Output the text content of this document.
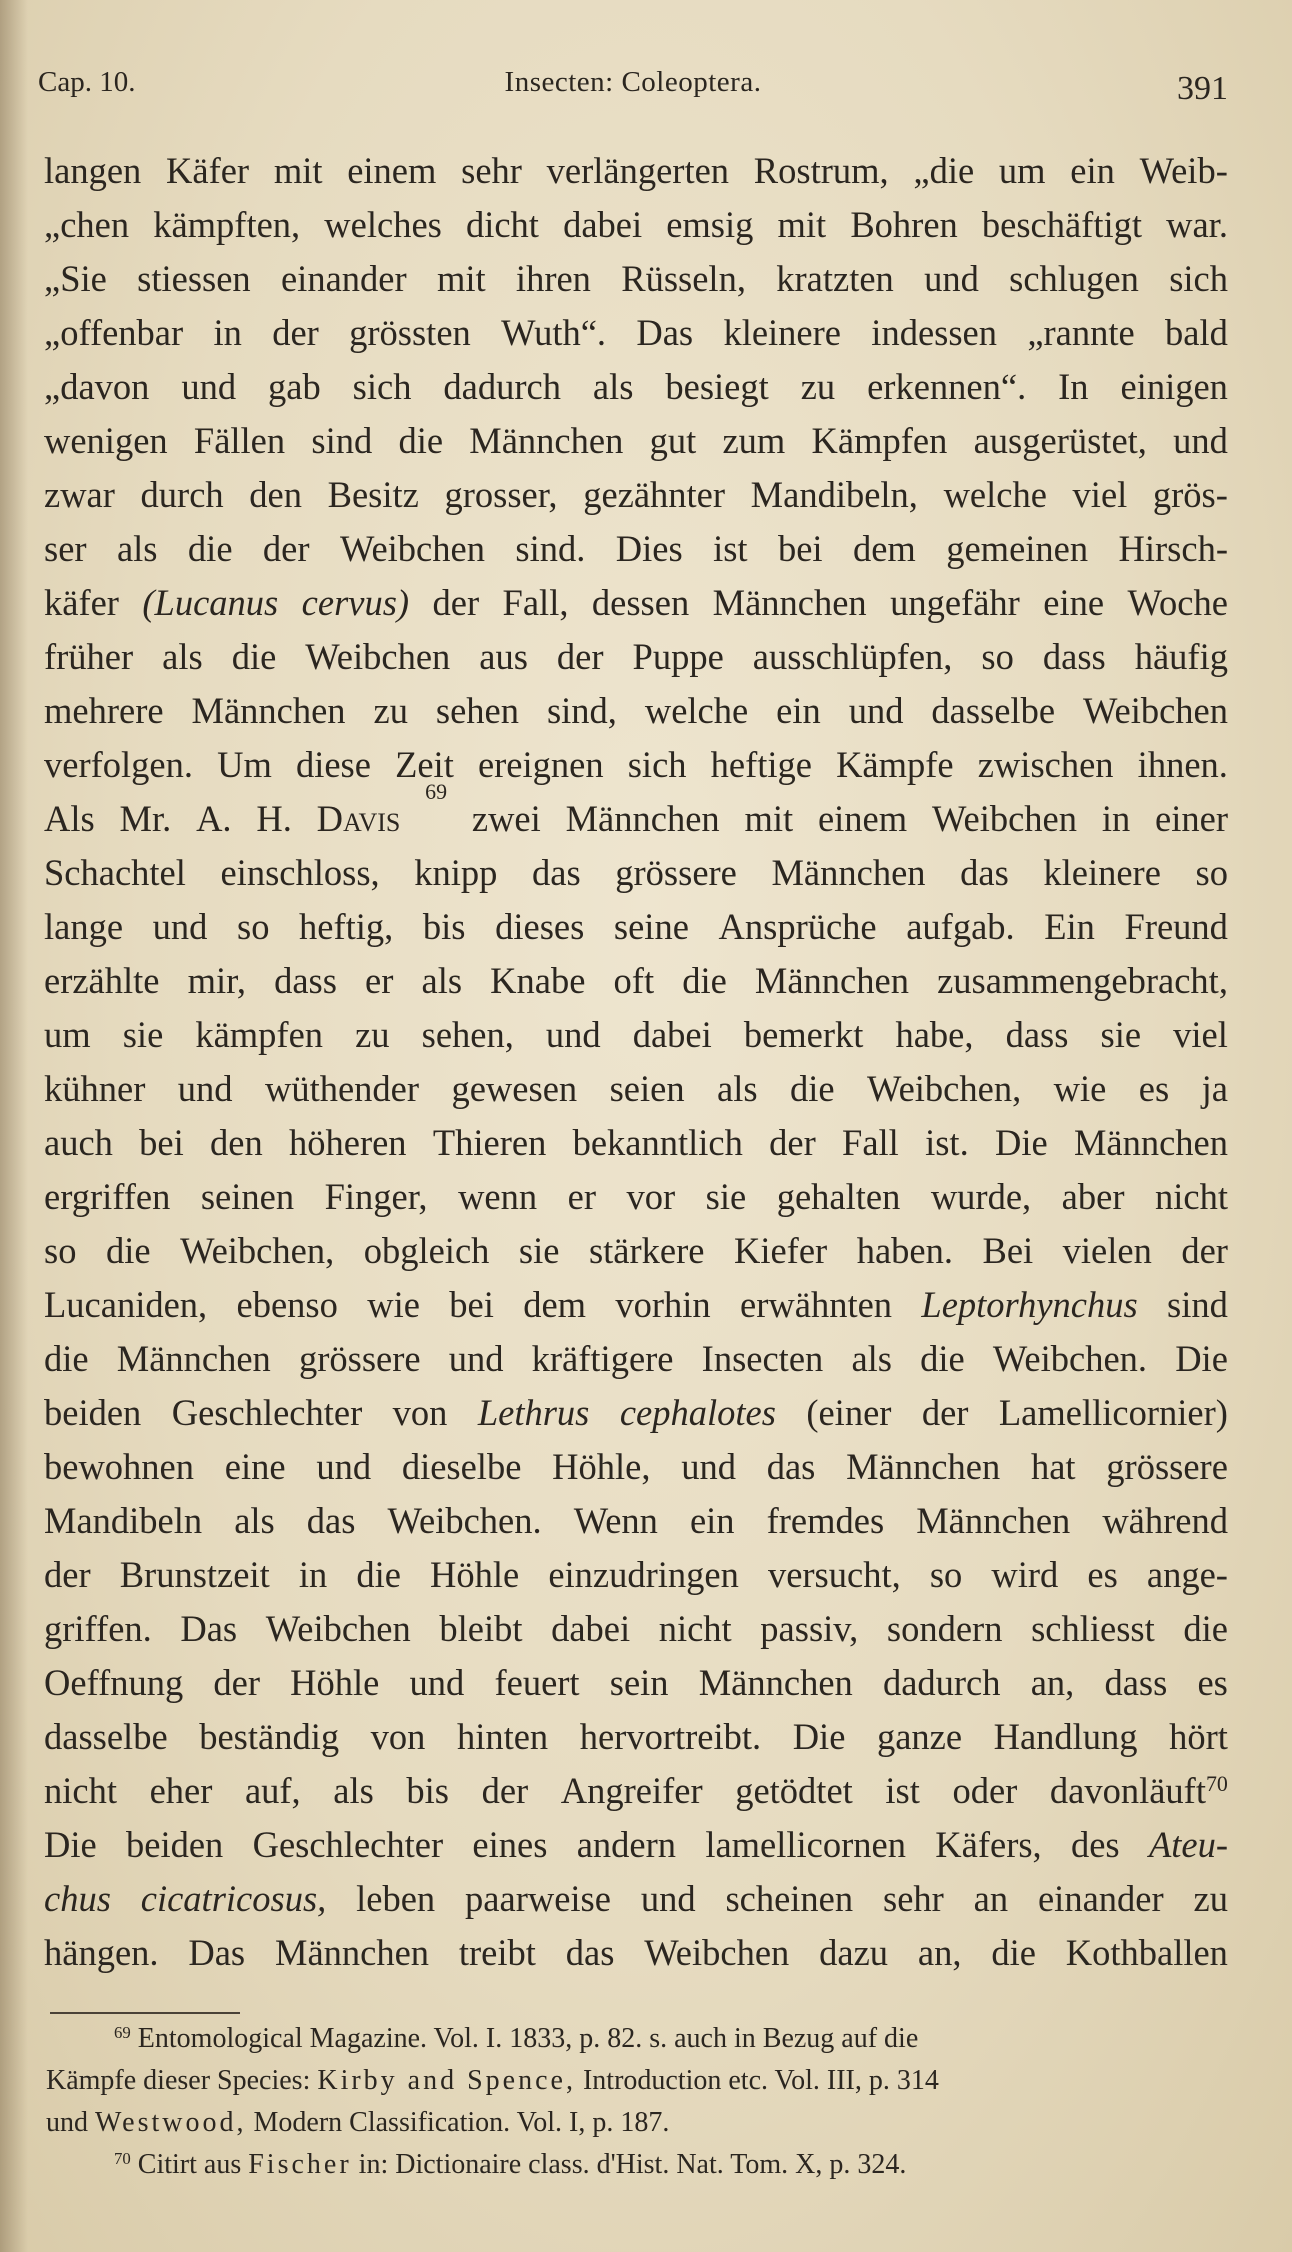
Cap. 10.	Insecten: Coleoptera.	391
langen Käfer mit einem sehr verlängerten Rostrum, „die um ein Weib-
„chen kämpften, welches dicht dabei emsig mit Bohren beschäftigt war.
„Sie stiessen einander mit ihren Rüsseln, kratzten und schlugen sich
„offenbar in der grössten Wuth“. Das kleinere indessen „rannte bald
„davon und gab sich dadurch als besiegt zu erkennen“. In einigen
wenigen Fällen sind die Männchen gut zum Kämpfen ausgerüstet, und
zwar durch den Besitz grosser, gezähnter Mandibeln, welche viel grös-
ser als die der Weibchen sind. Dies ist bei dem gemeinen Hirsch-
käfer (Lucanus cervus) der Fall, dessen Männchen ungefähr eine Woche
früher als die Weibchen aus der Puppe ausschlüpfen, so dass häufig
mehrere Männchen zu sehen sind, welche ein und dasselbe Weibchen
verfolgen. Um diese Zeit ereignen sich heftige Kämpfe zwischen ihnen.
Als Mr. A. H. Davis
69
zwei Männchen mit einem Weibchen in einer
Schachtel einschloss, knipp das grössere Männchen das kleinere so
lange und so heftig, bis dieses seine Ansprüche aufgab. Ein Freund
erzählte mir, dass er als Knabe oft die Männchen zusammengebracht,
um sie kämpfen zu sehen, und dabei bemerkt habe, dass sie viel
kühner und wüthender gewesen seien als die Weibchen, wie es ja
auch bei den höheren Thieren bekanntlich der Fall ist. Die Männchen
ergriffen seinen Finger, wenn er vor sie gehalten wurde, aber nicht
so die Weibchen, obgleich sie stärkere Kiefer haben. Bei vielen der
Lucaniden, ebenso wie bei dem vorhin erwähnten Leptorhynchus sind
die Männchen grössere und kräftigere Insecten als die Weibchen. Die
beiden Geschlechter von Lethrus cephalotes (einer der Lamellicornier)
bewohnen eine und dieselbe Höhle, und das Männchen hat grössere
Mandibeln als das Weibchen. Wenn ein fremdes Männchen während
der Brunstzeit in die Höhle einzudringen versucht, so wird es ange-
griffen. Das Weibchen bleibt dabei nicht passiv, sondern schliesst die
Oeffnung der Höhle und feuert sein Männchen dadurch an, dass es
dasselbe beständig von hinten hervortreibt. Die ganze Handlung hört
nicht eher auf, als bis der Angreifer getödtet ist oder davonläuft$^{70}$
Die beiden Geschlechter eines andern lamellicornen Käfers, des Ateu-
chus cicatricosus, leben paarweise und scheinen sehr an einander zu
hängen. Das Männchen treibt das Weibchen dazu an, die Kothballen
$^{69}$ Entomological Magazine. Vol. I. 1833, p. 82. s. auch in Bezug auf die
Kämpfe dieser Species: Kirby and Spence, Introduction etc. Vol. III, p. 314
und Westwood, Modern Classification. Vol. I, p. 187.
$^{70}$ Citirt aus Fischer in: Dictionaire class. d'Hist. Nat. Tom. X, p. 324.
